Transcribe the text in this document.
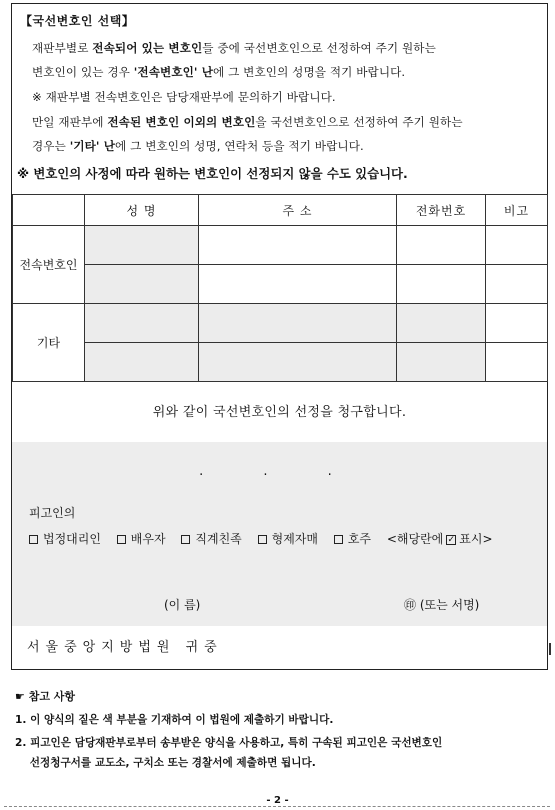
【국선변호인 선택】
재판부별로 전속되어 있는 변호인들 중에 국선변호인으로 선정하여 주기 원하는
변호인이 있는 경우 '전속변호인' 난에 그 변호인의 성명을 적기 바랍니다.
※ 재판부별 전속변호인은 담당재판부에 문의하기 바랍니다.
만일 재판부에 전속된 변호인 이외의 변호인을 국선변호인으로 선정하여 주기 원하는
경우는 '기타' 난에 그 변호인의 성명, 연락처 등을 적기 바랍니다.
※ 변호인의 사정에 따라 원하는 변호인이 선정되지 않을 수도 있습니다.
	성 명	주 소	전화번호	비고
전속변호인				

기타				

위와 같이 국선변호인의 선정을 청구합니다.
. . .
피고인의
법정대리인 배우자 직계친족 형제자매 호주 <해당란에 ✓ 표시>
(이 름)	㊞ (또는 서명)
서울중앙지방법원 귀중
☛ 참고 사항
1. 이 양식의 짙은 색 부분을 기재하여 이 법원에 제출하기 바랍니다.
2. 피고인은 담당재판부로부터 송부받은 양식을 사용하고, 특히 구속된 피고인은 국선변호인
선정청구서를 교도소, 구치소 또는 경찰서에 제출하면 됩니다.
- 2 -
